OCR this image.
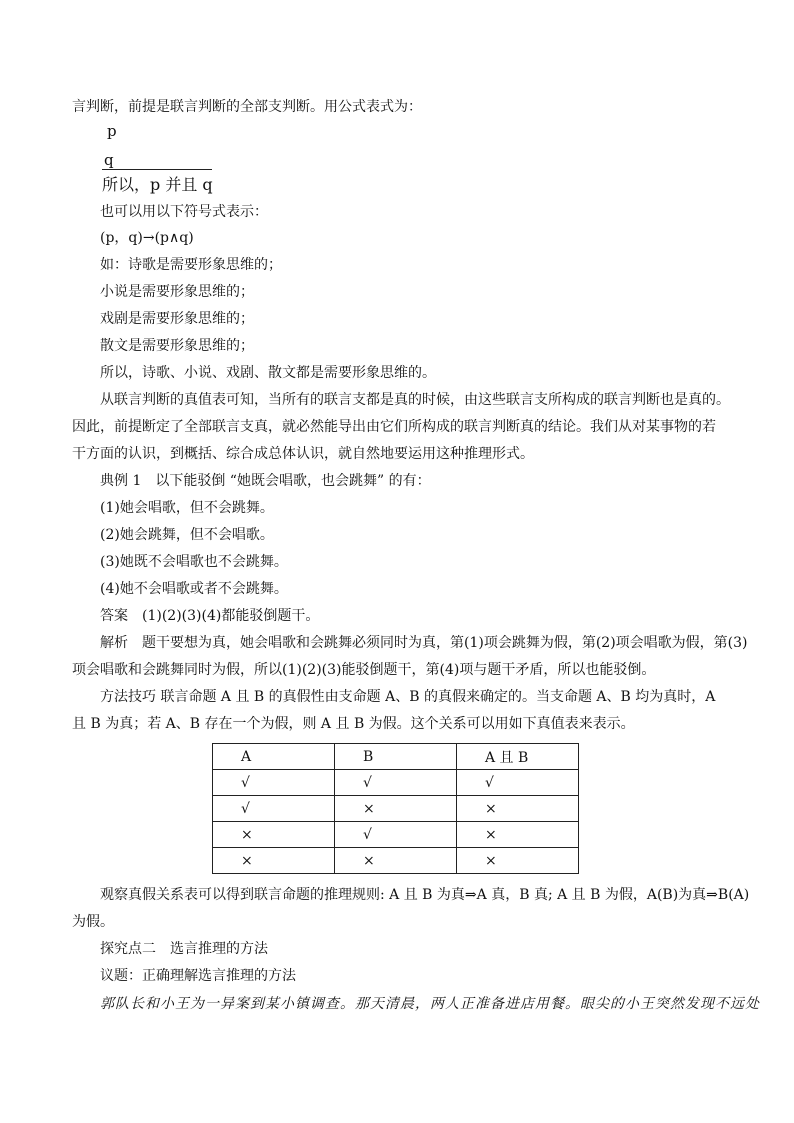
言判断，前提是联言判断的全部支判断。用公式表式为：
p
q
所以，p 并且 q
也可以用以下符号式表示：
(p，q)→(p∧q)
如：诗歌是需要形象思维的；
小说是需要形象思维的；
戏剧是需要形象思维的；
散文是需要形象思维的；
所以，诗歌、小说、戏剧、散文都是需要形象思维的。
从联言判断的真值表可知，当所有的联言支都是真的时候，由这些联言支所构成的联言判断也是真的。
因此，前提断定了全部联言支真，就必然能导出由它们所构成的联言判断真的结论。我们从对某事物的若
干方面的认识，到概括、综合成总体认识，就自然地要运用这种推理形式。
典例 1　以下能驳倒 “她既会唱歌，也会跳舞” 的有：
(1)她会唱歌，但不会跳舞。
(2)她会跳舞，但不会唱歌。
(3)她既不会唱歌也不会跳舞。
(4)她不会唱歌或者不会跳舞。
答案　(1)(2)(3)(4)都能驳倒题干。
解析　题干要想为真，她会唱歌和会跳舞必须同时为真，第(1)项会跳舞为假，第(2)项会唱歌为假，第(3)
项会唱歌和会跳舞同时为假，所以(1)(2)(3)能驳倒题干，第(4)项与题干矛盾，所以也能驳倒。
方法技巧 联言命题 A 且 B 的真假性由支命题 A、B 的真假来确定的。当支命题 A、B 均为真时，A
且 B 为真；若 A、B 存在一个为假，则 A 且 B 为假。这个关系可以用如下真值表来表示。
A	B	A 且 B
√	√	√
√	×	×
×	√	×
×	×	×
观察真假关系表可以得到联言命题的推理规则: A 且 B 为真⇒A 真，B 真; A 且 B 为假，A(B)为真⇒B(A)
为假。
探究点二　选言推理的方法
议题：正确理解选言推理的方法
郭队长和小王为一异案到某小镇调查。那天清晨，两人正准备进店用餐。眼尖的小王突然发现不远处
